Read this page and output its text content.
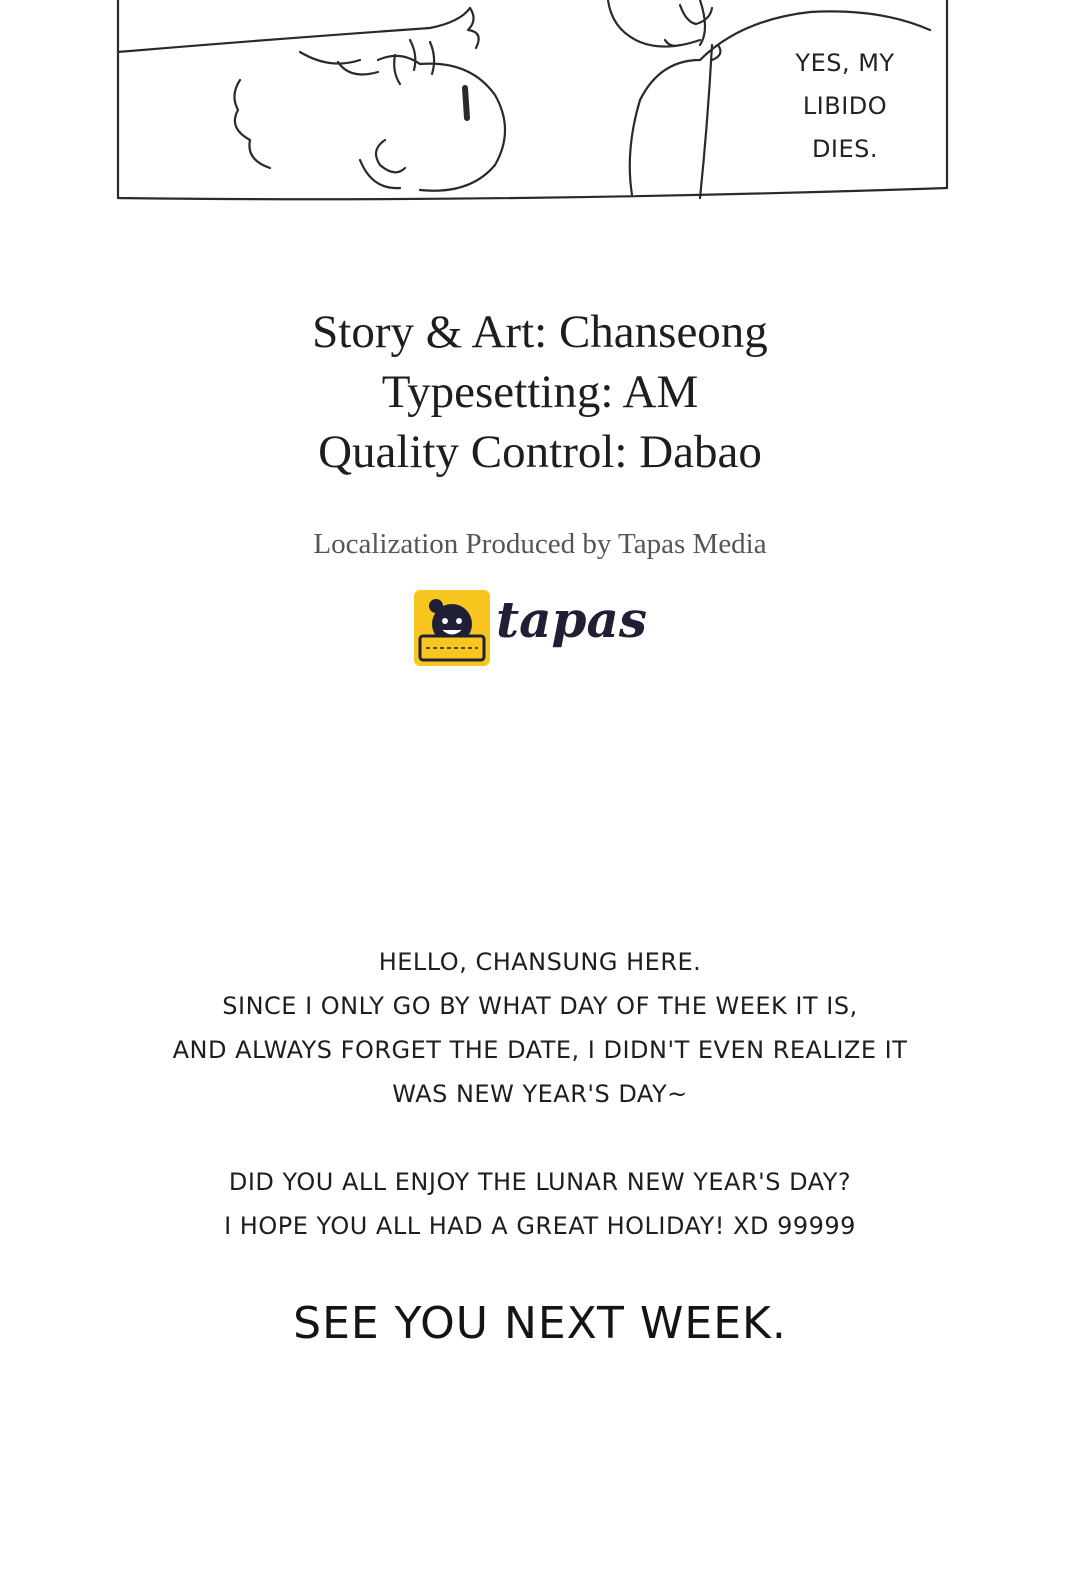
YES, MY
LIBIDO
DIES.
Story & Art: Chanseong
Typesetting: AM
Quality Control: Dabao
Localization Produced by Tapas Media
tapas
HELLO, CHANSUNG HERE.
SINCE I ONLY GO BY WHAT DAY OF THE WEEK IT IS,
AND ALWAYS FORGET THE DATE, I DIDN'T EVEN REALIZE IT
WAS NEW YEAR'S DAY~
DID YOU ALL ENJOY THE LUNAR NEW YEAR'S DAY?
I HOPE YOU ALL HAD A GREAT HOLIDAY! XD 99999
SEE YOU NEXT WEEK.
